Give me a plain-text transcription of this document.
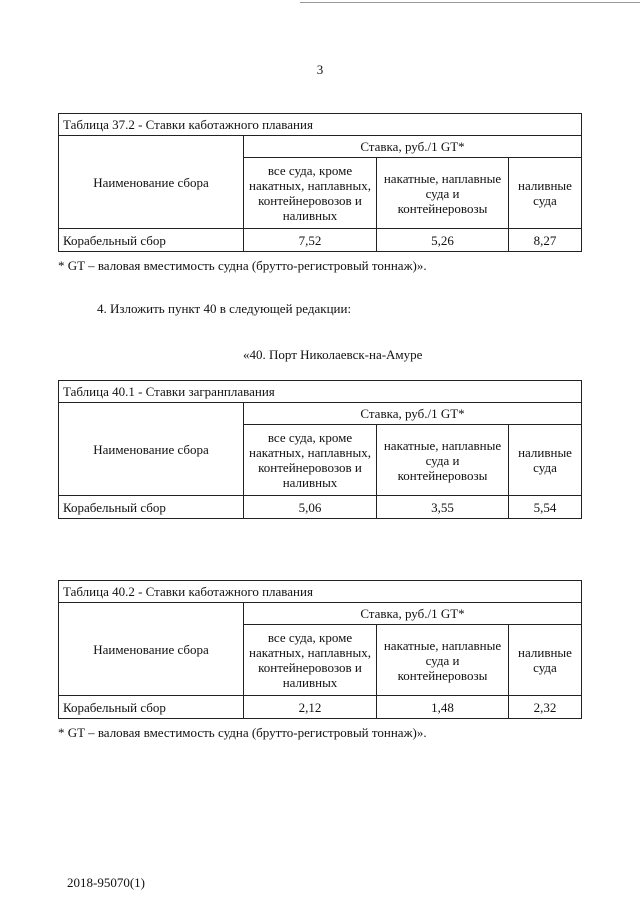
3
Таблица 37.2 - Ставки каботажного плавания			
Наименование сбора	Ставка, руб./1 GT*		
	все суда, кроме накатных, наплавных, контейнеровозов и наливных	накатные, наплавные суда и контейнеровозы	наливные суда
Корабельный сбор	7,52	5,26	8,27
* GT – валовая вместимость судна (брутто-регистровый тоннаж)».
4. Изложить пункт 40 в следующей редакции:
«40. Порт Николаевск-на-Амуре
Таблица 40.1 - Ставки загранплавания			
Наименование сбора	Ставка, руб./1 GT*		
	все суда, кроме накатных, наплавных, контейнеровозов и наливных	накатные, наплавные суда и контейнеровозы	наливные суда
Корабельный сбор	5,06	3,55	5,54
Таблица 40.2 - Ставки каботажного плавания			
Наименование сбора	Ставка, руб./1 GT*		
	все суда, кроме накатных, наплавных, контейнеровозов и наливных	накатные, наплавные суда и контейнеровозы	наливные суда
Корабельный сбор	2,12	1,48	2,32
* GT – валовая вместимость судна (брутто-регистровый тоннаж)».
2018-95070(1)
